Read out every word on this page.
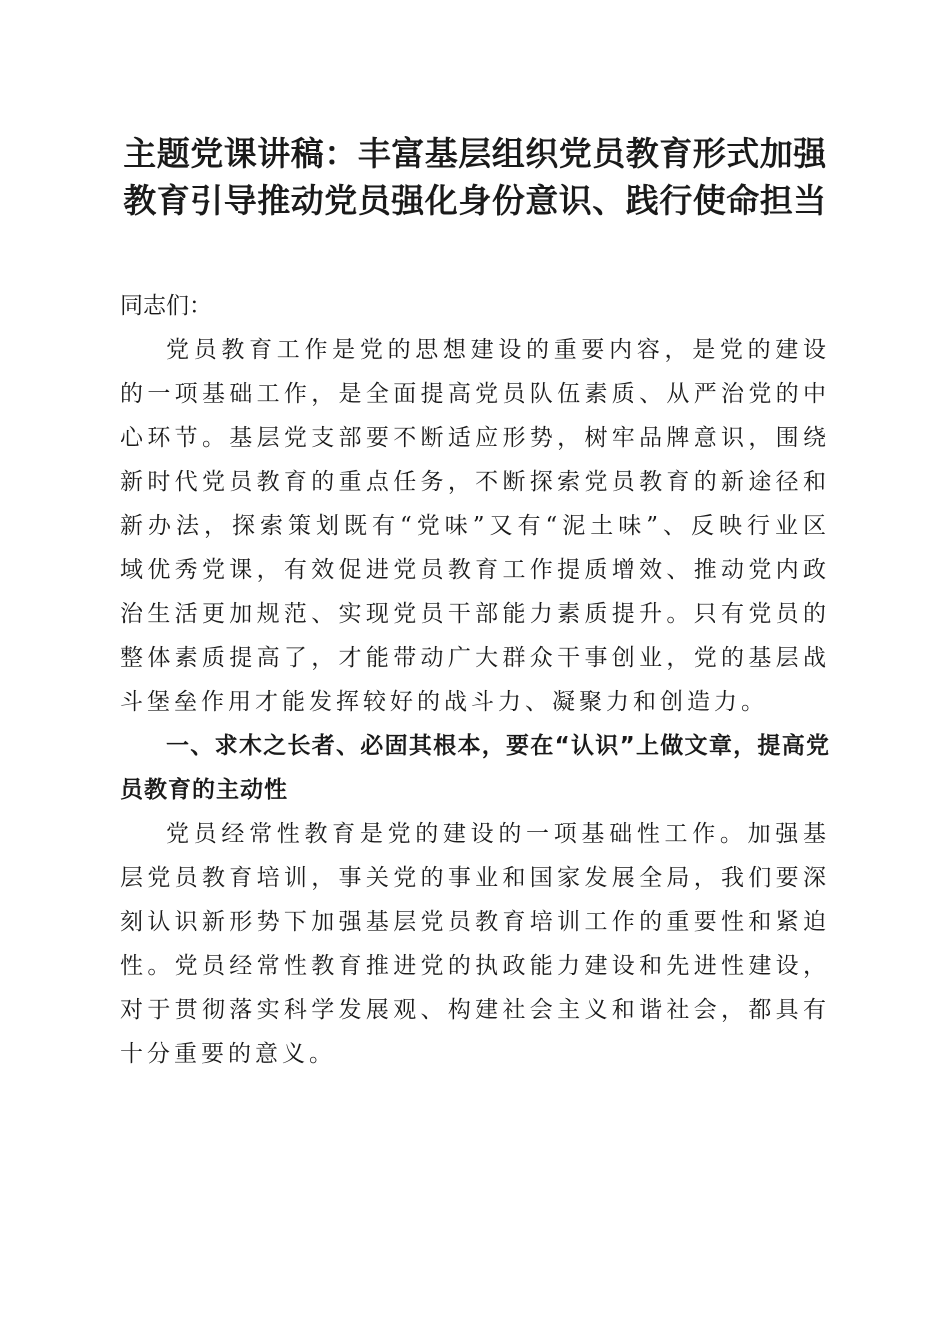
主题党课讲稿：丰富基层组织党员教育形式加强教育引导推动党员强化身份意识、践行使命担当

同志们：

党员教育工作是党的思想建设的重要内容，是党的建设的一项基础工作，是全面提高党员队伍素质、从严治党的中心环节。基层党支部要不断适应形势，树牢品牌意识，围绕新时代党员教育的重点任务，不断探索党员教育的新途径和新办法，探索策划既有“党味”又有“泥土味”、反映行业区域优秀党课，有效促进党员教育工作提质增效、推动党内政治生活更加规范、实现党员干部能力素质提升。只有党员的整体素质提高了，才能带动广大群众干事创业，党的基层战斗堡垒作用才能发挥较好的战斗力、凝聚力和创造力。

一、求木之长者、必固其根本，要在“认识”上做文章，提高党员教育的主动性

党员经常性教育是党的建设的一项基础性工作。加强基层党员教育培训，事关党的事业和国家发展全局，我们要深刻认识新形势下加强基层党员教育培训工作的重要性和紧迫性。党员经常性教育推进党的执政能力建设和先进性建设，对于贯彻落实科学发展观、构建社会主义和谐社会，都具有十分重要的意义。
